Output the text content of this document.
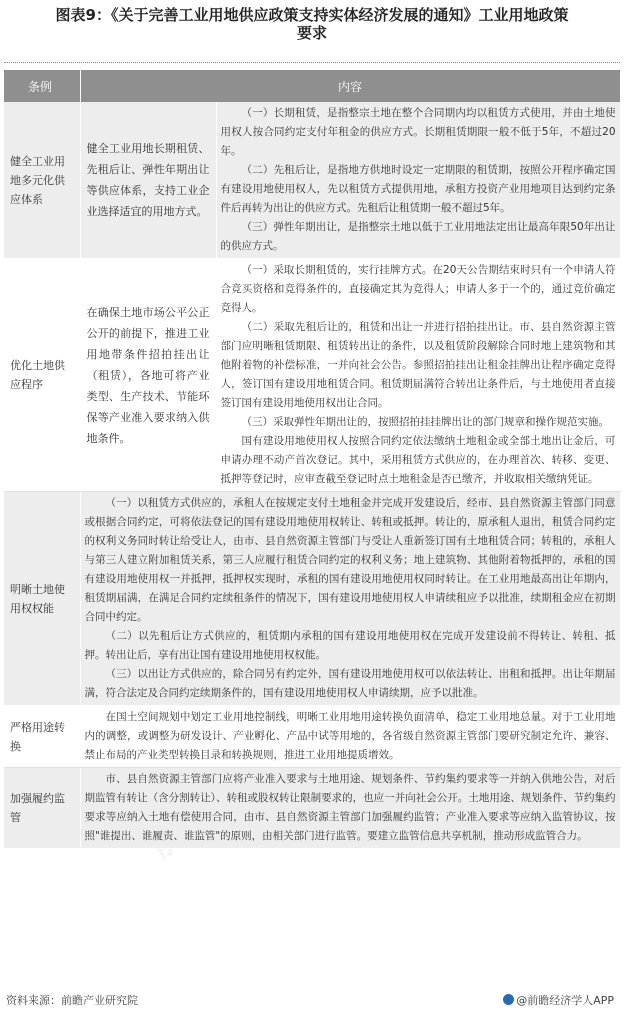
图表9：《关于完善工业用地供应政策支持实体经济发展的通知》工业用地政策
要求
条例	内容	
健全工业用地多元化供应体系	健全工业用地长期租赁、先租后让、弹性年期出让等供应体系，支持工业企业选择适宜的用地方式。	（一）长期租赁，是指整宗土地在整个合同期内均以租赁方式使用，并由土地使用权人按合同约定支付年租金的供应方式。长期租赁期限一般不低于5年，不超过20年。

（二）先租后让，是指地方供地时设定一定期限的租赁期，按照公开程序确定国有建设用地使用权人，先以租赁方式提供用地，承租方投资产业用地项目达到约定条件后再转为出让的供应方式。先租后让租赁期一般不超过5年。

（三）弹性年期出让，是指整宗土地以低于工业用地法定出让最高年限50年出让的供应方式。

优化土地供应程序	在确保土地市场公平公正公开的前提下，推进工业用地带条件招拍挂出让（租赁），各地可将产业类型、生产技术、节能环保等产业准入要求纳入供地条件。	（一）采取长期租赁的，实行挂牌方式。在20天公告期结束时只有一个申请人符合竞买资格和竞得条件的，直接确定其为竞得人；申请人多于一个的，通过竞价确定竞得人。

（二）采取先租后让的，租赁和出让一并进行招拍挂出让。市、县自然资源主管部门应明晰租赁期限、租赁转出让的条件，以及租赁阶段解除合同时地上建筑物和其他附着物的补偿标准，一并向社会公告。参照招拍挂出让租金挂牌出让程序确定竞得人，签订国有建设用地租赁合同。租赁期届满符合转出让条件后，与土地使用者直接签订国有建设用地使用权出让合同。

（三）采取弹性年期出让的，按照招拍挂挂牌出让的部门规章和操作规范实施。

国有建设用地使用权人按照合同约定依法缴纳土地租金或全部土地出让金后，可申请办理不动产首次登记。其中，采用租赁方式供应的，在办理首次、转移、变更、抵押等登记时，应审查截至登记时点土地租金是否已缴齐，并收取相关缴纳凭证。

明晰土地使用权权能	（一）以租赁方式供应的，承租人在按规定支付土地租金并完成开发建设后，经市、县自然资源主管部门同意或根据合同约定，可将依法登记的国有建设用地使用权转让、转租或抵押。转让的，原承租人退出，租赁合同约定的权利义务同时转让给受让人，由市、县自然资源主管部门与受让人重新签订国有土地租赁合同；转租的，承租人与第三人建立附加租赁关系，第三人应履行租赁合同约定的权利义务；地上建筑物、其他附着物抵押的，承租的国有建设用地使用权一并抵押，抵押权实现时，承租的国有建设用地使用权同时转让。在工业用地最高出让年期内，租赁期届满，在满足合同约定续租条件的情况下，国有建设用地使用权人申请续租应予以批准，续期租金应在初期合同中约定。

（二）以先租后让方式供应的，租赁期内承租的国有建设用地使用权在完成开发建设前不得转让、转租、抵押。转出让后，享有出让国有建设用地使用权权能。

（三）以出让方式供应的，除合同另有约定外，国有建设用地使用权可以依法转让、出租和抵押。出让年期届满，符合法定及合同约定续期条件的，国有建设用地使用权人申请续期，应予以批准。	

严格用途转换	在国土空间规划中划定工业用地控制线，明晰工业用地用途转换负面清单，稳定工业用地总量。对于工业用地内的调整，或调整为研发设计、产业孵化、产品中试等用地的，各省级自然资源主管部门要研究制定允许、兼容、禁止布局的产业类型转换目录和转换规则，推进工业用地提质增效。	

加强履约监管	市、县自然资源主管部门应将产业准入要求与土地用途、规划条件、节约集约要求等一并纳入供地公告，对后期监管有转让（含分割转让）、转租或股权转让限制要求的，也应一并向社会公开。土地用途、规划条件、节约集约要求等应纳入土地有偿使用合同，由市、县自然资源主管部门加强履约监管；产业准入要求等应纳入监管协议，按照"谁提出、谁履责、谁监管"的原则，由相关部门进行监管。要建立监管信息共享机制，推动形成监管合力。	

资料来源：前瞻产业研究院	@前瞻经济学人APP
